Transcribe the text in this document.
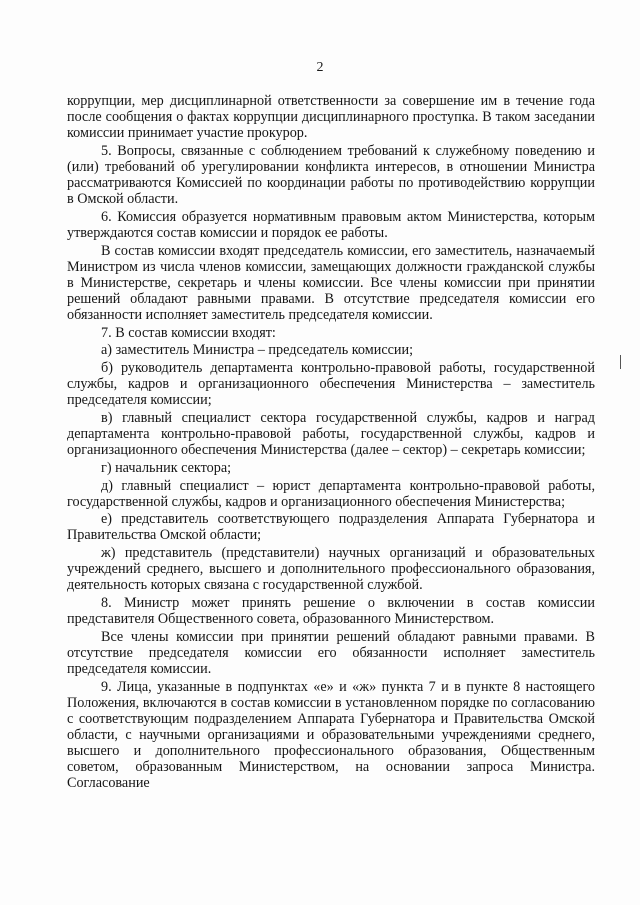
2

коррупции, мер дисциплинарной ответственности за совершение им в течение года после сообщения о фактах коррупции дисциплинарного проступка. В таком заседании комиссии принимает участие прокурор.

5. Вопросы, связанные с соблюдением требований к служебному поведению и (или) требований об урегулировании конфликта интересов, в отношении Министра рассматриваются Комиссией по координации работы по противодействию коррупции в Омской области.

6. Комиссия образуется нормативным правовым актом Министерства, которым утверждаются состав комиссии и порядок ее работы.

В состав комиссии входят председатель комиссии, его заместитель, назначаемый Министром из числа членов комиссии, замещающих должности гражданской службы в Министерстве, секретарь и члены комиссии. Все члены комиссии при принятии решений обладают равными правами. В отсутствие председателя комиссии его обязанности исполняет заместитель председателя комиссии.

7. В состав комиссии входят:

а) заместитель Министра – председатель комиссии;

б) руководитель департамента контрольно-правовой работы, государственной службы, кадров и организационного обеспечения Министерства – заместитель председателя комиссии;

в) главный специалист сектора государственной службы, кадров и наград департамента контрольно-правовой работы, государственной службы, кадров и организационного обеспечения Министерства (далее – сектор) – секретарь комиссии;

г) начальник сектора;

д) главный специалист – юрист департамента контрольно-правовой работы, государственной службы, кадров и организационного обеспечения Министерства;

е) представитель соответствующего подразделения Аппарата Губернатора и Правительства Омской области;

ж) представитель (представители) научных организаций и образовательных учреждений среднего, высшего и дополнительного профессионального образования, деятельность которых связана с государственной службой.

8. Министр может принять решение о включении в состав комиссии представителя Общественного совета, образованного Министерством.

Все члены комиссии при принятии решений обладают равными правами. В отсутствие председателя комиссии его обязанности исполняет заместитель председателя комиссии.

9. Лица, указанные в подпунктах «е» и «ж» пункта 7 и в пункте 8 настоящего Положения, включаются в состав комиссии в установленном порядке по согласованию с соответствующим подразделением Аппарата Губернатора и Правительства Омской области, с научными организациями и образовательными учреждениями среднего, высшего и дополнительного профессионального образования, Общественным советом, образованным Министерством, на основании запроса Министра. Согласование
